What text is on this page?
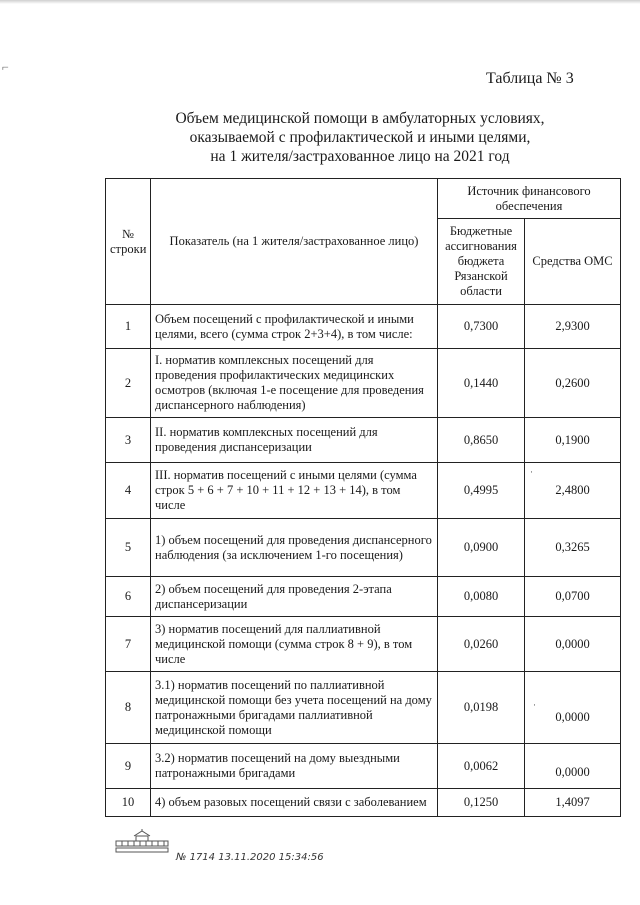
⌐
Таблица № 3
Объем медицинской помощи в амбулаторных условиях,
оказываемой с профилактической и иными целями,
на 1 жителя/застрахованное лицо на 2021 год
№ строки	Показатель (на 1 жителя/застрахованное лицо)	Источник финансового обеспечения	
		Бюджетные ассигнования бюджета Рязанской области	Средства ОМС
1	Объем посещений с профилактической и иными целями, всего (сумма строк 2+3+4), в том числе:	0,7300	2,9300
2	I. норматив комплексных посещений для проведения профилактических медицинских осмотров (включая 1-е посещение для проведения диспансерного наблюдения)	0,1440	0,2600
3	II. норматив комплексных посещений для проведения диспансеризации	0,8650	0,1900
4	III. норматив посещений с иными целями (сумма строк 5 + 6 + 7 + 10 + 11 + 12 + 13 + 14), в том числе	0,4995	2,4800
5	1) объем посещений для проведения диспансерного наблюдения (за исключением 1-го посещения)	0,0900	0,3265
6	2) объем посещений для проведения 2-этапа диспансеризации	0,0080	0,0700
7	3) норматив посещений для паллиативной медицинской помощи (сумма строк 8 + 9), в том числе	0,0260	0,0000
8	3.1) норматив посещений по паллиативной медицинской помощи без учета посещений на дому патронажными бригадами паллиативной медицинской помощи	0,0198	0,0000
9	3.2) норматив посещений на дому выездными патронажными бригадами	0,0062	0,0000
10	4) объем разовых посещений связи с заболеванием	0,1250	1,4097
·
·
№ 1714 13.11.2020 15:34:56
